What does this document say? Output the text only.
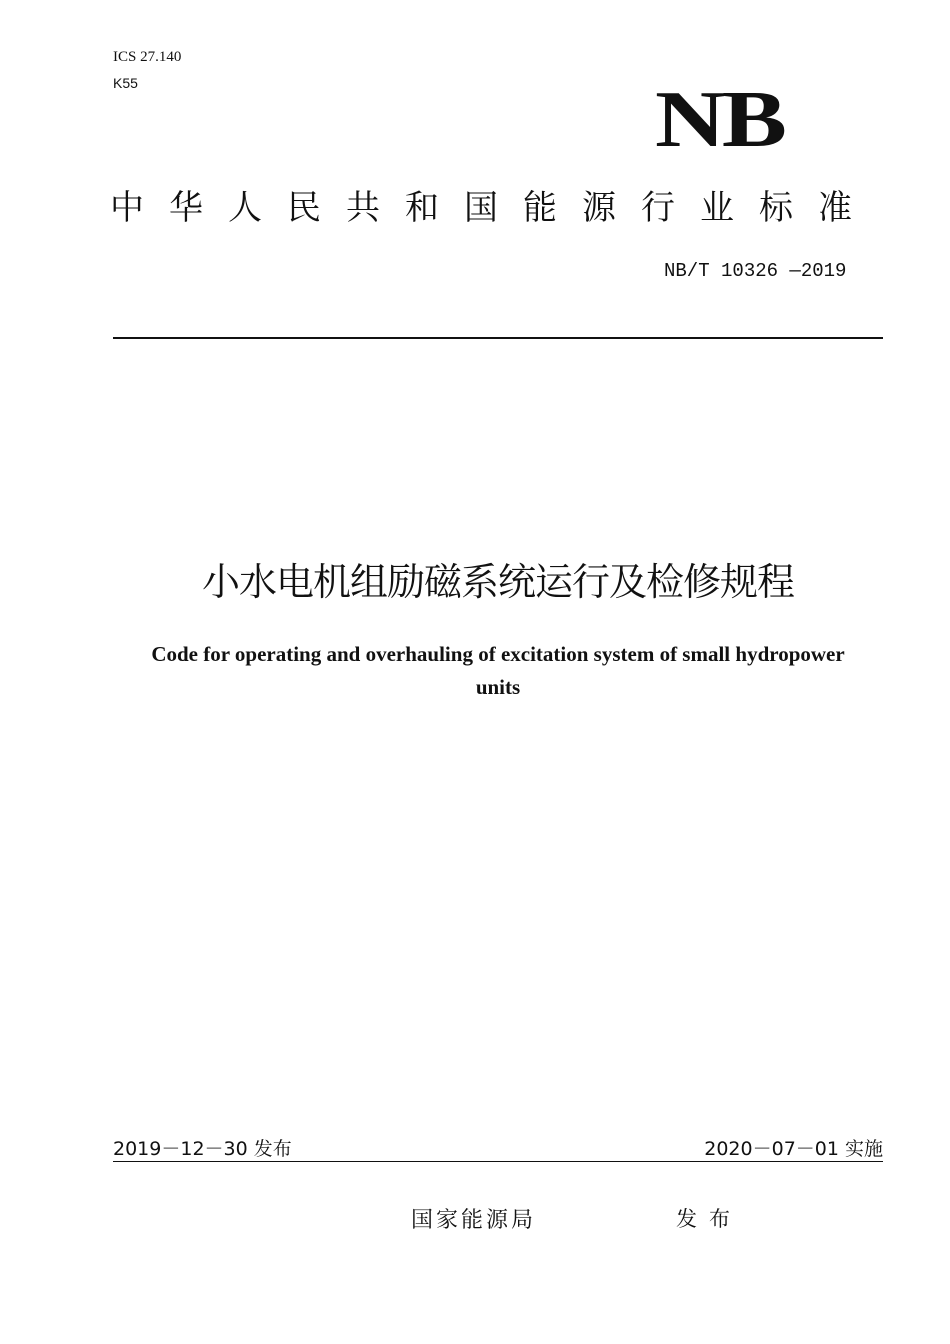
ICS 27.140
K55	NB
中华人民共和国能源行业标准
NB/T 10326 —2019
小水电机组励磁系统运行及检修规程
Code for operating and overhauling of excitation system of small hydropower units
2019－12－30 发布	2020－07－01 实施
国家能源局	发布
